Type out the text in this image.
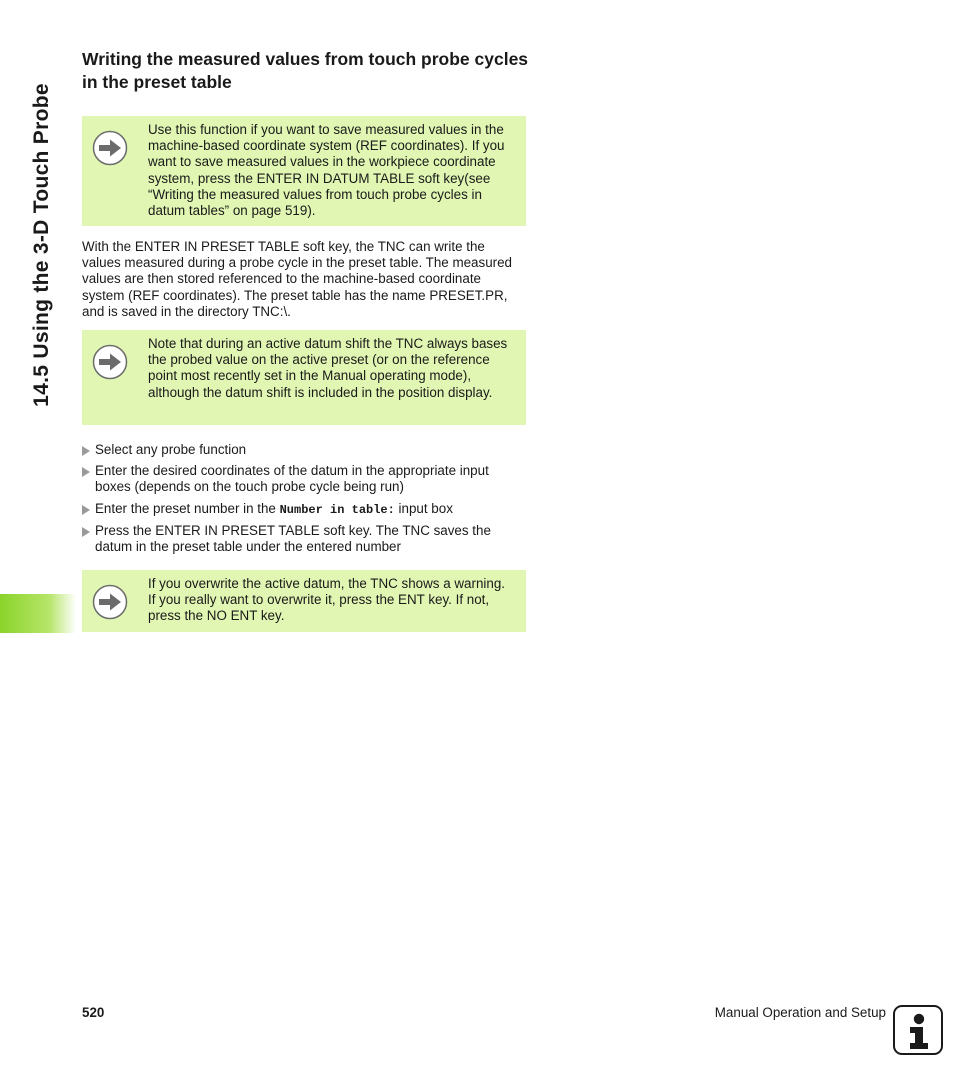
14.5 Using the 3-D Touch Probe
Writing the measured values from touch probe cycles in the preset table

Use this function if you want to save measured values in the machine-based coordinate system (REF coordinates). If you want to save measured values in the workpiece coordinate system, press the ENTER IN DATUM TABLE soft key(see “Writing the measured values from touch probe cycles in datum tables” on page 519).

With the ENTER IN PRESET TABLE soft key, the TNC can write the values measured during a probe cycle in the preset table. The measured values are then stored referenced to the machine-based coordinate system (REF coordinates). The preset table has the name PRESET.PR, and is saved in the directory TNC:\.

Note that during an active datum shift the TNC always bases the probed value on the active preset (or on the reference point most recently set in the Manual operating mode), although the datum shift is included in the position display.

Select any probe function
Enter the desired coordinates of the datum in the appropriate input boxes (depends on the touch probe cycle being run)
Enter the preset number in the Number in table: input box
Press the ENTER IN PRESET TABLE soft key. The TNC saves the datum in the preset table under the entered number

If you overwrite the active datum, the TNC shows a warning. If you really want to overwrite it, press the ENT key. If not, press the NO ENT key.

520	Manual Operation and Setup
